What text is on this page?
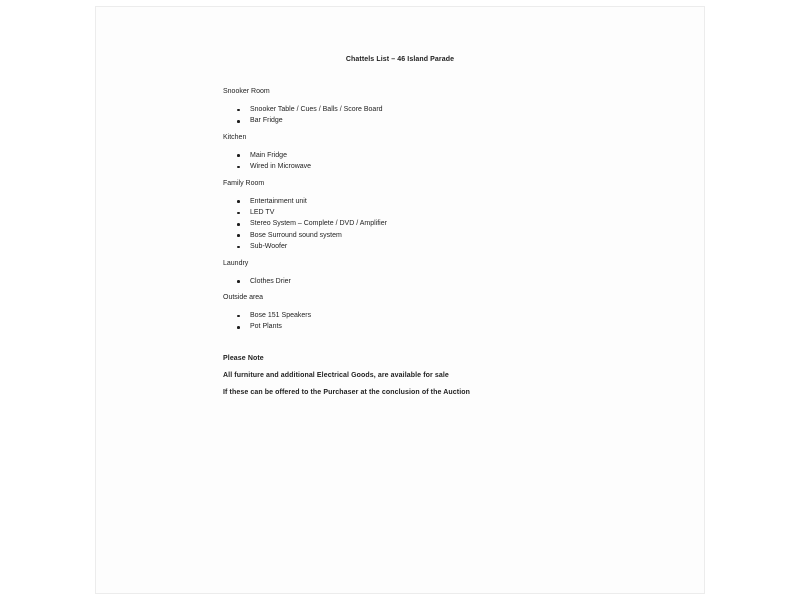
Chattels List – 46 Island Parade

Snooker Room
Snooker Table / Cues / Balls / Score Board
Bar Fridge
Kitchen
Main Fridge
Wired in Microwave
Family Room
Entertainment unit
LED TV
Stereo System – Complete / DVD / Amplifier
Bose Surround sound system
Sub-Woofer
Laundry
Clothes Drier
Outside area
Bose 151 Speakers
Pot Plants

Please Note

All furniture and additional Electrical Goods, are available for sale

If these can be offered to the Purchaser at the conclusion of the Auction
